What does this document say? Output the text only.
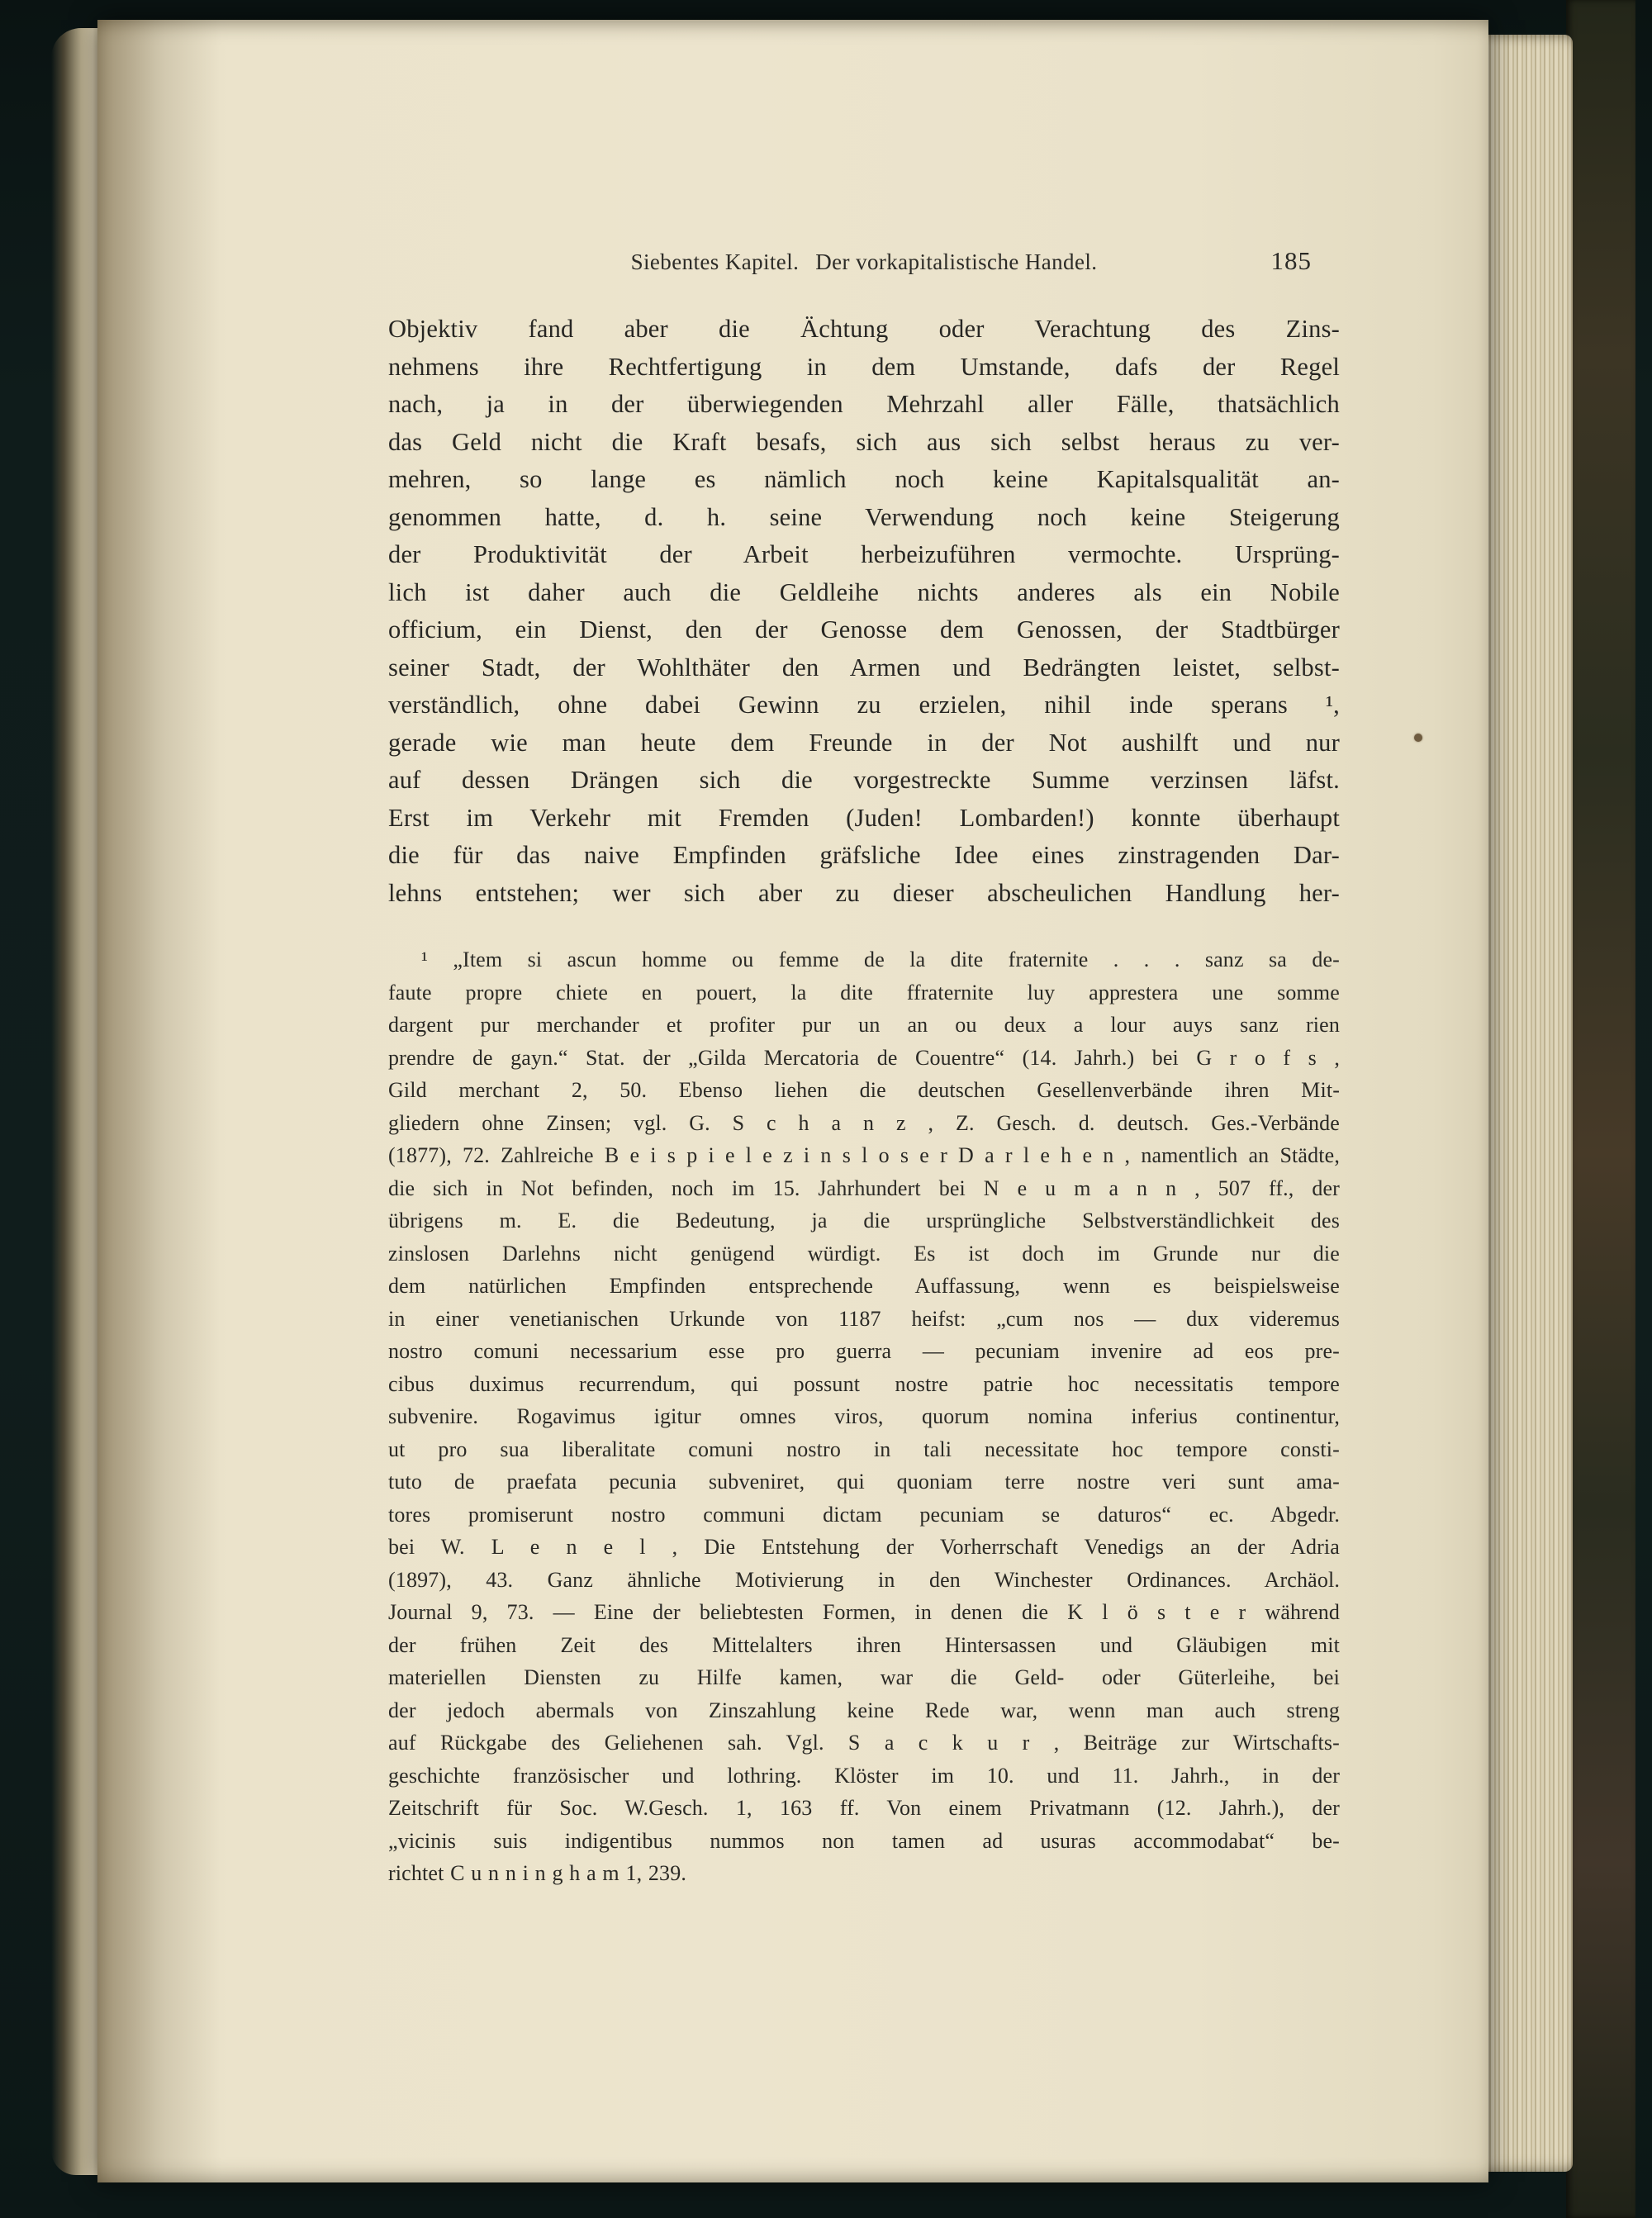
Siebentes Kapitel. Der vorkapitalistische Handel.	185
Objektiv fand aber die Ächtung oder Verachtung des Zins-
nehmens ihre Rechtfertigung in dem Umstande, dafs der Regel
nach, ja in der überwiegenden Mehrzahl aller Fälle, thatsächlich
das Geld nicht die Kraft besafs, sich aus sich selbst heraus zu ver-
mehren, so lange es nämlich noch keine Kapitalsqualität an-
genommen hatte, d. h. seine Verwendung noch keine Steigerung
der Produktivität der Arbeit herbeizuführen vermochte. Ursprüng-
lich ist daher auch die Geldleihe nichts anderes als ein Nobile
officium, ein Dienst, den der Genosse dem Genossen, der Stadtbürger
seiner Stadt, der Wohlthäter den Armen und Bedrängten leistet, selbst-
verständlich, ohne dabei Gewinn zu erzielen, nihil inde sperans ¹,
gerade wie man heute dem Freunde in der Not aushilft und nur
auf dessen Drängen sich die vorgestreckte Summe verzinsen läfst.
Erst im Verkehr mit Fremden (Juden! Lombarden!) konnte überhaupt
die für das naive Empfinden gräfsliche Idee eines zinstragenden Dar-
lehns entstehen; wer sich aber zu dieser abscheulichen Handlung her-
¹ „Item si ascun homme ou femme de la dite fraternite . . . sanz sa de-
faute propre chiete en pouert, la dite ffraternite luy apprestera une somme
dargent pur merchander et profiter pur un an ou deux a lour auys sanz rien
prendre de gayn.“ Stat. der „Gilda Mercatoria de Couentre“ (14. Jahrh.) bei G r o f s ,
Gild merchant 2, 50. Ebenso liehen die deutschen Gesellenverbände ihren Mit-
gliedern ohne Zinsen; vgl. G. S c h a n z , Z. Gesch. d. deutsch. Ges.-Verbände
(1877), 72. Zahlreiche B e i s p i e l e z i n s l o s e r D a r l e h e n , namentlich an Städte,
die sich in Not befinden, noch im 15. Jahrhundert bei N e u m a n n , 507 ff., der
übrigens m. E. die Bedeutung, ja die ursprüngliche Selbstverständlichkeit des
zinslosen Darlehns nicht genügend würdigt. Es ist doch im Grunde nur die
dem natürlichen Empfinden entsprechende Auffassung, wenn es beispielsweise
in einer venetianischen Urkunde von 1187 heifst: „cum nos — dux videremus
nostro comuni necessarium esse pro guerra — pecuniam invenire ad eos pre-
cibus duximus recurrendum, qui possunt nostre patrie hoc necessitatis tempore
subvenire. Rogavimus igitur omnes viros, quorum nomina inferius continentur,
ut pro sua liberalitate comuni nostro in tali necessitate hoc tempore consti-
tuto de praefata pecunia subveniret, qui quoniam terre nostre veri sunt ama-
tores promiserunt nostro communi dictam pecuniam se daturos“ ec. Abgedr.
bei W. L e n e l , Die Entstehung der Vorherrschaft Venedigs an der Adria
(1897), 43. Ganz ähnliche Motivierung in den Winchester Ordinances. Archäol.
Journal 9, 73. — Eine der beliebtesten Formen, in denen die K l ö s t e r während
der frühen Zeit des Mittelalters ihren Hintersassen und Gläubigen mit
materiellen Diensten zu Hilfe kamen, war die Geld- oder Güterleihe, bei
der jedoch abermals von Zinszahlung keine Rede war, wenn man auch streng
auf Rückgabe des Geliehenen sah. Vgl. S a c k u r , Beiträge zur Wirtschafts-
geschichte französischer und lothring. Klöster im 10. und 11. Jahrh., in der
Zeitschrift für Soc. W.Gesch. 1, 163 ff. Von einem Privatmann (12. Jahrh.), der
„vicinis suis indigentibus nummos non tamen ad usuras accommodabat“ be-
richtet C u n n i n g h a m 1, 239.
